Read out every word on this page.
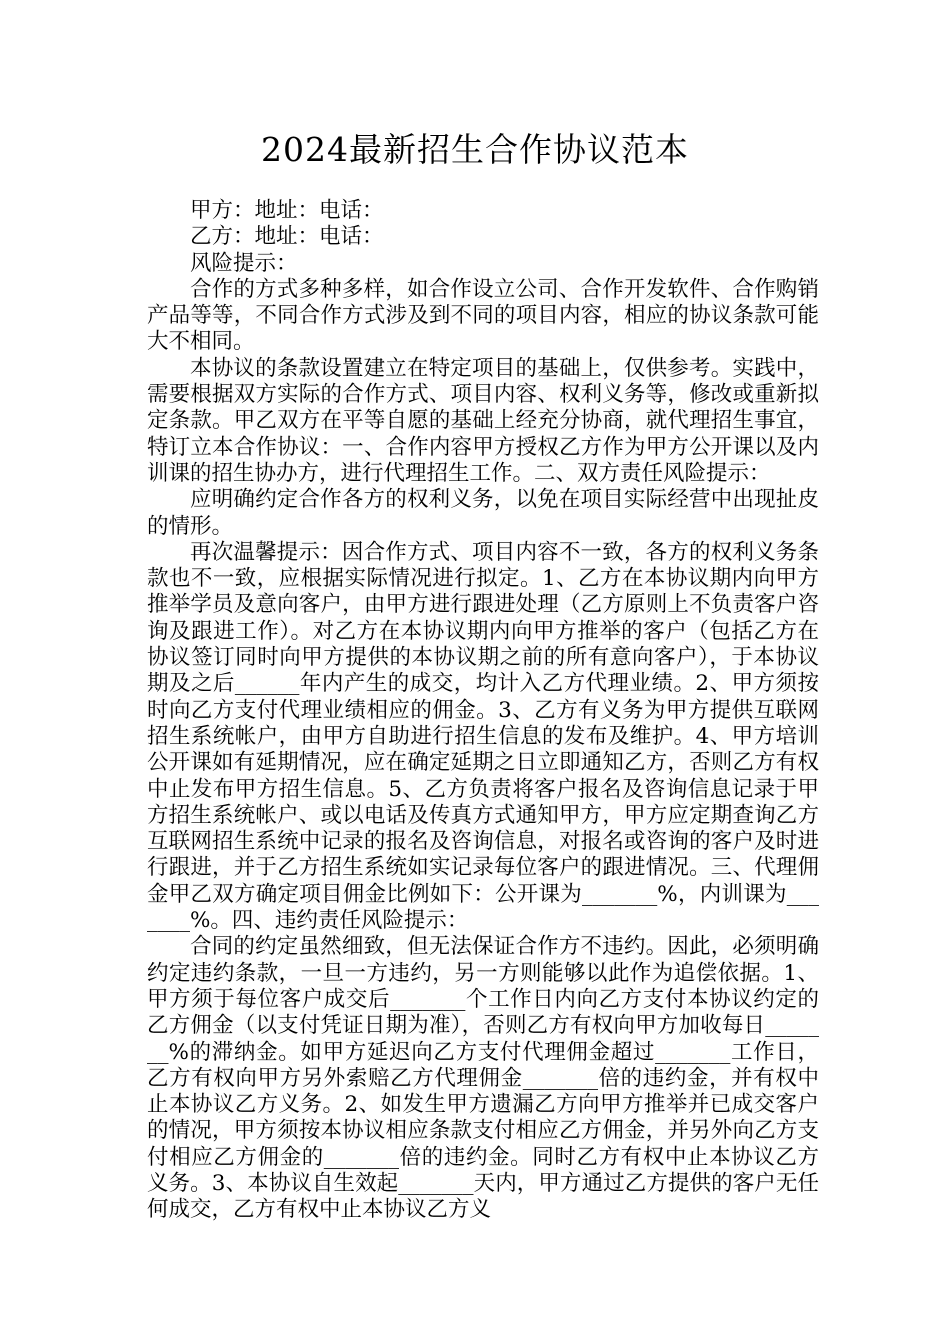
2024最新招生合作协议范本

甲方：地址：电话：

乙方：地址：电话：

风险提示：

合作的方式多种多样，如合作设立公司、合作开发软件、合作购销产品等等，不同合作方式涉及到不同的项目内容，相应的协议条款可能大不相同。

本协议的条款设置建立在特定项目的基础上，仅供参考。实践中，需要根据双方实际的合作方式、项目内容、权利义务等，修改或重新拟定条款。甲乙双方在平等自愿的基础上经充分协商，就代理招生事宜，特订立本合作协议：一、合作内容甲方授权乙方作为甲方公开课以及内训课的招生协办方，进行代理招生工作。二、双方责任风险提示：

应明确约定合作各方的权利义务，以免在项目实际经营中出现扯皮的情形。

再次温馨提示：因合作方式、项目内容不一致，各方的权利义务条款也不一致，应根据实际情况进行拟定。1、乙方在本协议期内向甲方推举学员及意向客户，由甲方进行跟进处理（乙方原则上不负责客户咨询及跟进工作）。对乙方在本协议期内向甲方推举的客户（包括乙方在协议签订同时向甲方提供的本协议期之前的所有意向客户），于本协议期及之后______年内产生的成交，均计入乙方代理业绩。2、甲方须按时向乙方支付代理业绩相应的佣金。3、乙方有义务为甲方提供互联网招生系统帐户，由甲方自助进行招生信息的发布及维护。4、甲方培训公开课如有延期情况，应在确定延期之日立即通知乙方，否则乙方有权中止发布甲方招生信息。5、乙方负责将客户报名及咨询信息记录于甲方招生系统帐户、或以电话及传真方式通知甲方，甲方应定期查询乙方互联网招生系统中记录的报名及咨询信息，对报名或咨询的客户及时进行跟进，并于乙方招生系统如实记录每位客户的跟进情况。三、代理佣金甲乙双方确定项目佣金比例如下：公开课为_______%，内训课为_______%。四、违约责任风险提示：

合同的约定虽然细致，但无法保证合作方不违约。因此，必须明确约定违约条款，一旦一方违约，另一方则能够以此作为追偿依据。1、甲方须于每位客户成交后_______个工作日内向乙方支付本协议约定的乙方佣金（以支付凭证日期为准），否则乙方有权向甲方加收每日_______%的滞纳金。如甲方延迟向乙方支付代理佣金超过_______工作日，乙方有权向甲方另外索赔乙方代理佣金_______倍的违约金，并有权中止本协议乙方义务。2、如发生甲方遗漏乙方向甲方推举并已成交客户的情况，甲方须按本协议相应条款支付相应乙方佣金，并另外向乙方支付相应乙方佣金的_______倍的违约金。同时乙方有权中止本协议乙方义务。3、本协议自生效起_______天内，甲方通过乙方提供的客户无任何成交，乙方有权中止本协议乙方义
